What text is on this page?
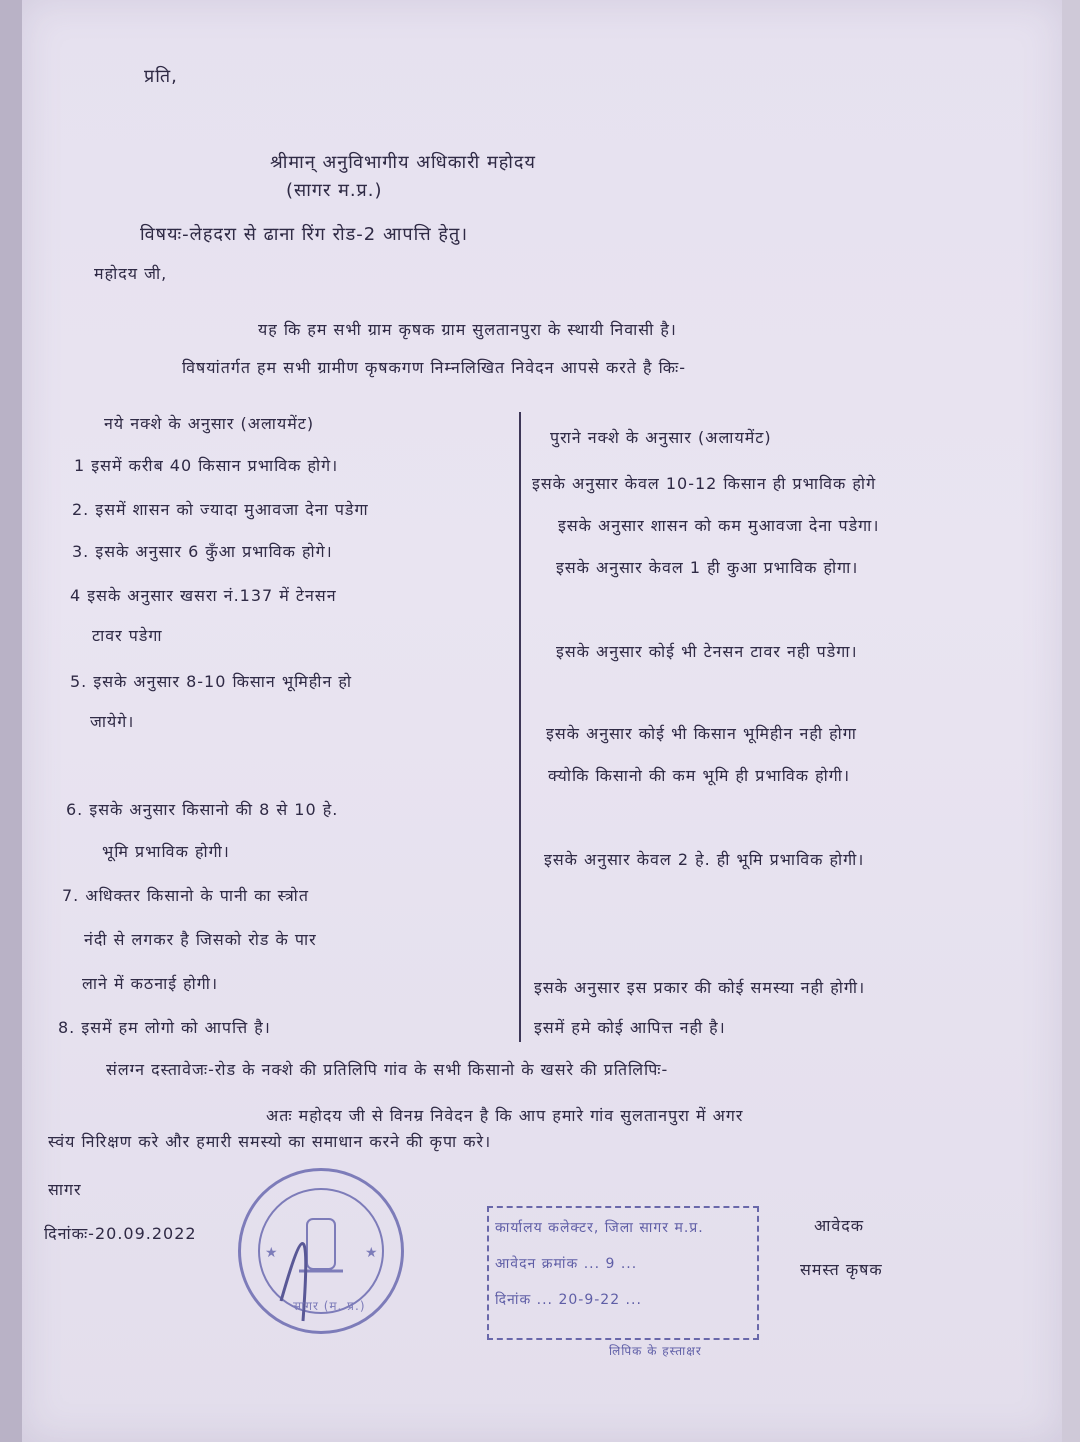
प्रति,
श्रीमान् अनुविभागीय अधिकारी महोदय
(सागर म.प्र.)
विषयः-लेहदरा से ढाना रिंग रोड-2 आपत्ति हेतु।
महोदय जी,
यह कि हम सभी ग्राम कृषक ग्राम सुलतानपुरा के स्थायी निवासी है।
विषयांतर्गत हम सभी ग्रामीण कृषकगण निम्नलिखित निवेदन आपसे करते है किः-
नये नक्शे के अनुसार (अलायमेंट)
पुराने नक्शे के अनुसार (अलायमेंट)
1 इसमें करीब 40 किसान प्रभाविक होगे।
2. इसमें शासन को ज्यादा मुआवजा देना पडेगा
3. इसके अनुसार 6 कुँआ प्रभाविक होगे।
4 इसके अनुसार खसरा नं.137 में टेनसन
टावर पडेगा
5. इसके अनुसार 8-10 किसान भूमिहीन हो
जायेगे।
6. इसके अनुसार किसानो की 8 से 10 हे.
भूमि प्रभाविक होगी।
7. अधिक्तर किसानो के पानी का स्त्रोत
नंदी से लगकर है जिसको रोड के पार
लाने में कठनाई होगी।
8. इसमें हम लोगो को आपत्ति है।
इसके अनुसार केवल 10-12 किसान ही प्रभाविक होगे
इसके अनुसार शासन को कम मुआवजा देना पडेगा।
इसके अनुसार केवल 1 ही कुआ प्रभाविक होगा।
इसके अनुसार कोई भी टेनसन टावर नही पडेगा।
इसके अनुसार कोई भी किसान भूमिहीन नही होगा
क्योकि किसानो की कम भूमि ही प्रभाविक होगी।
इसके अनुसार केवल 2 हे. ही भूमि प्रभाविक होगी।
इसके अनुसार इस प्रकार की कोई समस्या नही होगी।
इसमें हमे कोई आपित्त नही है।
संलग्न दस्तावेजः-रोड के नक्शे की प्रतिलिपि गांव के सभी किसानो के खसरे की प्रतिलिपिः-
अतः महोदय जी से विनम्र निवेदन है कि आप हमारे गांव सुलतानपुरा में अगर
स्वंय निरिक्षण करे और हमारी समस्यो का समाधान करने की कृपा करे।
सागर
दिनांकः-20.09.2022	आवेदक
समस्त कृषक
★	★
सागर (म. प्र.)
कार्यालय कलेक्टर, जिला सागर म.प्र.
आवेदन क्रमांक ... 9 ...
दिनांक ... 20-9-22 ...
लिपिक के हस्ताक्षर
